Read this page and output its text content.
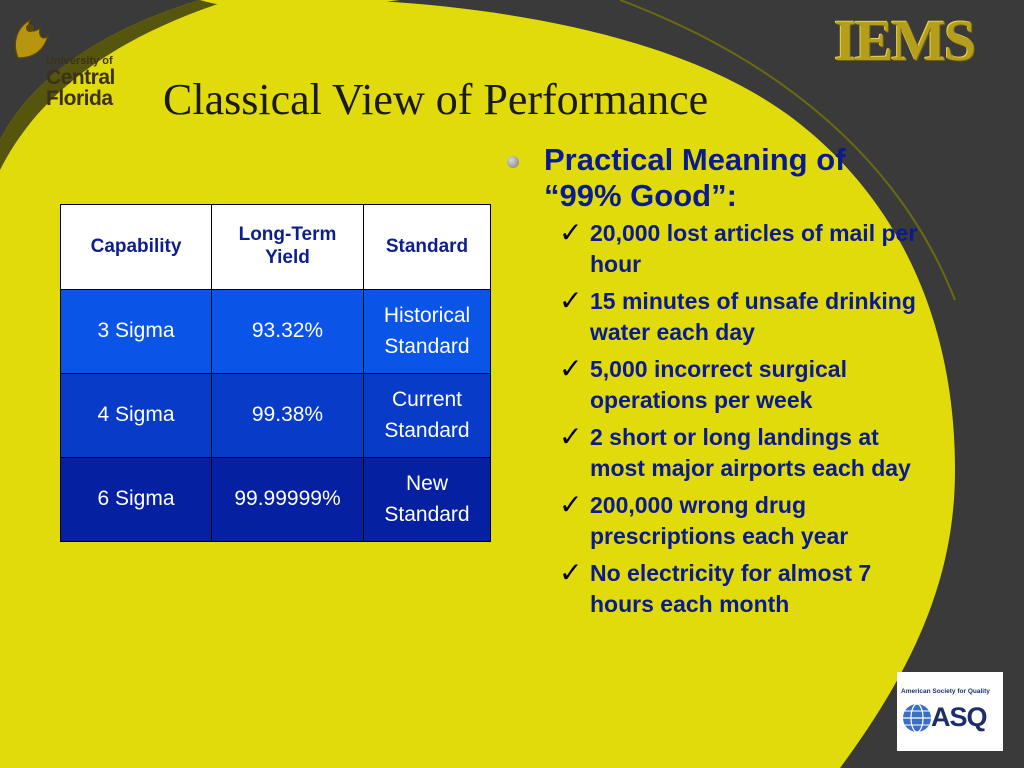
University of
Central
Florida
IEMS
Classical View of Performance
Capability	Long-Term Yield	Standard
3 Sigma	93.32%	Historical Standard
4 Sigma	99.38%	Current Standard
6 Sigma	99.99999%	New Standard
Practical Meaning of “99% Good”:
✓ 20,000 lost articles of mail per hour
✓ 15 minutes of unsafe drinking water each day
✓ 5,000 incorrect surgical operations per week
✓ 2 short or long landings at most major airports each day
✓ 200,000 wrong drug prescriptions each year
✓ No electricity for almost 7 hours each month
American Society for Quality
ASQ
